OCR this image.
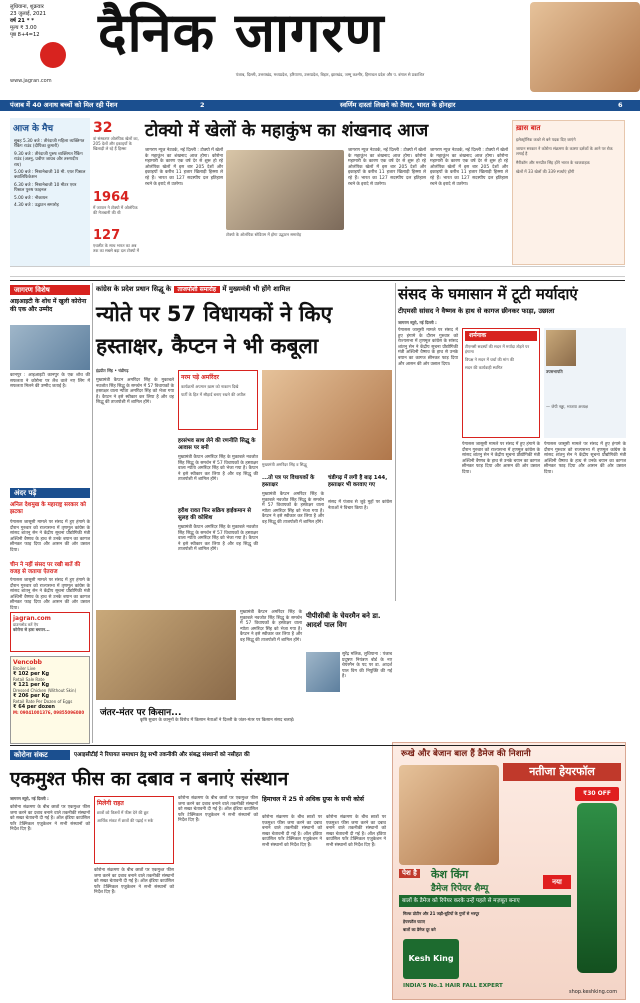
लुधियाना, शुक्रवार
23 जुलाई, 2021
वर्ष 21 * *
मूल्य ₹ 3.00
पृष्ठ 8+4=12
www.jagran.com
दैनिक जागरण
पंजाब, दिल्ली, उत्तराखंड, मध्यप्रदेश, हरियाणा, उत्तरप्रदेश, बिहार, झारखंड, जम्मू कश्मीर, हिमाचल प्रदेश और प. बंगाल से प्रकाशित
पंजाब में 40 अनाथ बच्चों को मिल रही पेंशन	2	स्वर्णिम दास्तां लिखने को तैयार, भारत के होनहार	6
आज के मैच
सुबह 5.30 बजे : तीरंदाजी महिला व्यक्तिगत रैंकिंग राउंड (दीपिका कुमारी)
9.30 बजे : तीरंदाजी पुरुष व्यक्तिगत रैंकिंग राउंड (अतनु, प्रवीण जाधव और तरुणदीप राय)
5.00 बजे : निशानेबाजी 10 मी. एयर पिस्टल क्वालिफिकेशन
6.30 बजे : निशानेबाजी 10 मीटर एयर पिस्टल पुरुष फाइनल
5.00 बजे : नौकायन
4.30 बजे : उद्घाटन समारोह
32
वां संस्करण ओलंपिक खेलों का, 205 देशों और इकाइयों के खिलाड़ी ले रहे हैं हिस्सा
1964
में जापान ने टोक्यो में ओलंपिक की मेजबानी की थी
127
एथलीट के साथ भारत का अब तक का सबसे बड़ा दल टोक्यो में
टोक्यो में खेलों के महाकुंभ का शंखनाद आज
जागरण न्यूज नेटवर्क, नई दिल्ली : टोक्यो में खेलों के महाकुंभ का शंखनाद आज होगा। कोरोना महामारी के कारण एक वर्ष देर से शुरू हो रहे ओलंपिक खेलों में इस बार 205 देशों और इकाइयों के करीब 11 हजार खिलाड़ी हिस्सा ले रहे हैं। भारत का 127 सदस्यीय दल इतिहास रचने के इरादे से उतरेगा।
टोक्यो के ओलंपिक स्टेडियम में होगा उद्घाटन समारोह
जागरण न्यूज नेटवर्क, नई दिल्ली : टोक्यो में खेलों के महाकुंभ का शंखनाद आज होगा। कोरोना महामारी के कारण एक वर्ष देर से शुरू हो रहे ओलंपिक खेलों में इस बार 205 देशों और इकाइयों के करीब 11 हजार खिलाड़ी हिस्सा ले रहे हैं। भारत का 127 सदस्यीय दल इतिहास रचने के इरादे से उतरेगा।
जागरण न्यूज नेटवर्क, नई दिल्ली : टोक्यो में खेलों के महाकुंभ का शंखनाद आज होगा। कोरोना महामारी के कारण एक वर्ष देर से शुरू हो रहे ओलंपिक खेलों में इस बार 205 देशों और इकाइयों के करीब 11 हजार खिलाड़ी हिस्सा ले रहे हैं। भारत का 127 सदस्यीय दल इतिहास रचने के इरादे से उतरेगा।
ख़ास बात
इलेक्ट्रॉनिक कचरे से बने पदक दिए जाएंगे
जापान सरकार ने कोरोना संक्रमण के कारण दर्शकों के आने पर रोक लगाई है
मैरीकॉम और मनप्रीत सिंह होंगे भारत के ध्वजवाहक
खेलों में 33 खेलों की 339 स्पर्धाएं होंगी
जागरण विशेष
आइआइटी के शोध में खुली कोरोना की एक और उम्मीद
कानपुर : आइआइटी कानपुर के एक शोध की सफलता ने कोरोना पर लैब वाले नए लिंग में सफलता मिलने की उम्मीद जताई है।
कांग्रेस के प्रदेश प्रधान सिद्धू के ताजपोशी समारोह में मुख्यमंत्री भी होंगे शामिल
न्योते पर 57 विधायकों ने किए
हस्ताक्षर, कैप्टन ने भी कबूला
इंद्रप्रीत सिंह • चंडीगढ़
मुख्यमंत्री कैप्टन अमरिंदर सिंह के मुकाबले नवजोत सिंह सिद्धू के समर्थन में 57 विधायकों के हस्ताक्षर वाला न्योता अमरिंदर सिंह को भेजा गया है। कैप्टन ने इसे स्वीकार कर लिया है और वह सिद्धू की ताजपोशी में शामिल होंगे।
नरम पड़े अमरिंदर
कार्यक्रमों अपमान ख़त्म को नाकाम दिखे
पार्टी के हित में सौहार्द बनाए रखने की अपील
हरसंभव साथ लेने की रणनीति सिद्धू के आवास पर बनी
मुख्यमंत्री कैप्टन अमरिंदर सिंह के मुकाबले नवजोत सिंह सिद्धू के समर्थन में 57 विधायकों के हस्ताक्षर वाला न्योता अमरिंदर सिंह को भेजा गया है। कैप्टन ने इसे स्वीकार कर लिया है और वह सिद्धू की ताजपोशी में शामिल होंगे।
हरीश रावत फिर सक्रिय हाईकमान से सुलह की कोशिश
मुख्यमंत्री कैप्टन अमरिंदर सिंह के मुकाबले नवजोत सिंह सिद्धू के समर्थन में 57 विधायकों के हस्ताक्षर वाला न्योता अमरिंदर सिंह को भेजा गया है। कैप्टन ने इसे स्वीकार कर लिया है और वह सिद्धू की ताजपोशी में शामिल होंगे।
मुख्यमंत्री अमरिंदर सिंह व सिद्धू
...तो पत्र पर विधायकों के हस्ताक्षर
मुख्यमंत्री कैप्टन अमरिंदर सिंह के मुकाबले नवजोत सिंह सिद्धू के समर्थन में 57 विधायकों के हस्ताक्षर वाला न्योता अमरिंदर सिंह को भेजा गया है। कैप्टन ने इसे स्वीकार कर लिया है और वह सिद्धू की ताजपोशी में शामिल होंगे।
चंडीगढ़ में लगी है बाढ़ 144, हस्ताक्षर भी करवाए गए
संसद में पंजाब से जुड़े मुद्दों पर कांग्रेस नेताओं ने विचार किया है।
संसद के घमासान में टूटी मर्यादाएं
टीएमसी सांसद ने वैष्णव के हाथ से कागज छीनकर फाड़ा, उछाला
जागरण ब्यूरो, नई दिल्ली :
पेगासस जासूसी मामले पर संसद में हुए हंगामे के दौरान गुरुवार को राज्यसभा में तृणमूल कांग्रेस के सांसद शांतनु सेन ने केंद्रीय सूचना प्रौद्योगिकी मंत्री अश्विनी वैष्णव के हाथ से उनके बयान का कागज छीनकर फाड़ दिया और आसन की ओर उछाल दिया।
शर्मनाक
टीएमसी सदस्यों की सदन में मर्यादा तोड़ने पर हंगामा
विपक्ष ने सदन में चर्चा की मांग की
सदन की कार्यवाही स्थगित
उपसभापति
— जेपी नड्डा, भाजपा अध्यक्ष
पेगासस जासूसी मामले पर संसद में हुए हंगामे के दौरान गुरुवार को राज्यसभा में तृणमूल कांग्रेस के सांसद शांतनु सेन ने केंद्रीय सूचना प्रौद्योगिकी मंत्री अश्विनी वैष्णव के हाथ से उनके बयान का कागज छीनकर फाड़ दिया और आसन की ओर उछाल दिया।
पेगासस जासूसी मामले पर संसद में हुए हंगामे के दौरान गुरुवार को राज्यसभा में तृणमूल कांग्रेस के सांसद शांतनु सेन ने केंद्रीय सूचना प्रौद्योगिकी मंत्री अश्विनी वैष्णव के हाथ से उनके बयान का कागज छीनकर फाड़ दिया और आसन की ओर उछाल दिया।
अंदर पढ़ें
अनिल देशमुख के महाराष्ट्र सरकार को झटका
पेगासस जासूसी मामले पर संसद में हुए हंगामे के दौरान गुरुवार को राज्यसभा में तृणमूल कांग्रेस के सांसद शांतनु सेन ने केंद्रीय सूचना प्रौद्योगिकी मंत्री अश्विनी वैष्णव के हाथ से उनके बयान का कागज छीनकर फाड़ दिया और आसन की ओर उछाल दिया।
चीन ने नहीं संसद पर रखी बातें की वजह से जताया ऐतराज
पेगासस जासूसी मामले पर संसद में हुए हंगामे के दौरान गुरुवार को राज्यसभा में तृणमूल कांग्रेस के सांसद शांतनु सेन ने केंद्रीय सूचना प्रौद्योगिकी मंत्री अश्विनी वैष्णव के हाथ से उनके बयान का कागज छीनकर फाड़ दिया और आसन की ओर उछाल दिया।
jagran.com
डाउनलोड करें ऐप
कोरोना से हारा बचपन...
जंतर-मंतर पर किसान...
कृषि सुधार के कानूनों के विरोध में किसान नेताओं ने दिल्ली के जंतर-मंतर पर किसान संसद चलाई।
मुख्यमंत्री कैप्टन अमरिंदर सिंह के मुकाबले नवजोत सिंह सिद्धू के समर्थन में 57 विधायकों के हस्ताक्षर वाला न्योता अमरिंदर सिंह को भेजा गया है। कैप्टन ने इसे स्वीकार कर लिया है और वह सिद्धू की ताजपोशी में शामिल होंगे।
पीपीसीबी के चेयरमैन बने डा. आदर्श पाल विग
सुरेंद्र मलिक, लुधियाना : पंजाब प्रदूषण नियंत्रण बोर्ड के नए चेयरमैन के पद पर डा. आदर्श पाल विग की नियुक्ति की गई है।
Vencobb
Broiler Live
₹ 102 per Kg
Retail Sale Rate
₹ 121 per Kg
Dressed Chicken (Without Skin)
₹ 206 per Kg
Retail Rate Per Dozen of Eggs
₹ 64 per dozen
M: 09041001376, 09855096080
कोरोना संकट	एआइसीटीई ने रियायत समाधान हेतु सभी तकनीकी और संबद्ध संस्थानों को नसीहत की
एकमुश्त फीस का दबाव न बनाएं संस्थान
जागरण ब्यूरो, नई दिल्ली :
कोरोना संक्रमण के बीच छात्रों पर एकमुश्त फीस जमा करने का दबाव बनाने वाले तकनीकी संस्थानों को सख्त चेतावनी दी गई है। ऑल इंडिया काउंसिल फॉर टेक्निकल एजुकेशन ने सभी संस्थानों को निर्देश दिए हैं।
मिलेगी राहत
छात्रों को किस्तों में फीस देने की छूट
आर्थिक संकट में छात्रों की पढ़ाई न रुके
कोरोना संक्रमण के बीच छात्रों पर एकमुश्त फीस जमा करने का दबाव बनाने वाले तकनीकी संस्थानों को सख्त चेतावनी दी गई है। ऑल इंडिया काउंसिल फॉर टेक्निकल एजुकेशन ने सभी संस्थानों को निर्देश दिए हैं।
कोरोना संक्रमण के बीच छात्रों पर एकमुश्त फीस जमा करने का दबाव बनाने वाले तकनीकी संस्थानों को सख्त चेतावनी दी गई है। ऑल इंडिया काउंसिल फॉर टेक्निकल एजुकेशन ने सभी संस्थानों को निर्देश दिए हैं।
हिमाचल में 25 से अधिक ग्रुप्स के सभी कोर्स
कोरोना संक्रमण के बीच छात्रों पर एकमुश्त फीस जमा करने का दबाव बनाने वाले तकनीकी संस्थानों को सख्त चेतावनी दी गई है। ऑल इंडिया काउंसिल फॉर टेक्निकल एजुकेशन ने सभी संस्थानों को निर्देश दिए हैं।
कोरोना संक्रमण के बीच छात्रों पर एकमुश्त फीस जमा करने का दबाव बनाने वाले तकनीकी संस्थानों को सख्त चेतावनी दी गई है। ऑल इंडिया काउंसिल फॉर टेक्निकल एजुकेशन ने सभी संस्थानों को निर्देश दिए हैं।
रूखे और बेजान बाल हैं डैमेज की निशानी
नतीजा हेयरफॉल
पेश है केश किंग
डैमेज रिपेयर शैम्पू
बालों के डैमेज को रिपेयर करके उन्हें पहले से मज़बूत बनाए
मिल्क प्रोटीन और 21 जड़ी-बूटियों के गुणों से भरपूर
हेयरफॉल घटाए
बालों का डैमेज दूर करे
Kesh King
INDIA'S No.1 HAIR FALL EXPERT
₹30 OFF
नया
shop.keshking.com
